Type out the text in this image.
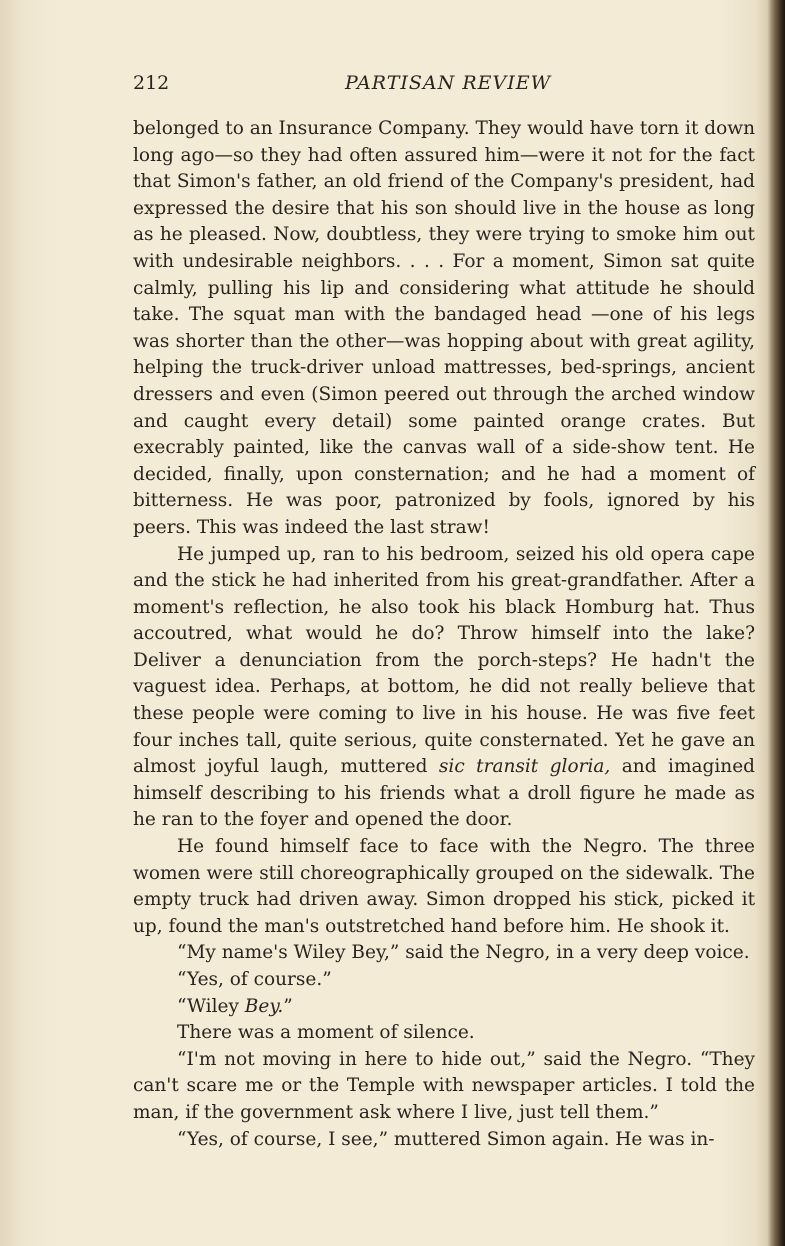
212	PARTISAN REVIEW

belonged to an Insurance Company. They would have torn it down long ago—so they had often assured him—were it not for the fact that Simon's father, an old friend of the Company's president, had expressed the desire that his son should live in the house as long as he pleased. Now, doubtless, they were trying to smoke him out with undesirable neighbors. . . . For a moment, Simon sat quite calmly, pulling his lip and considering what attitude he should take. The squat man with the bandaged head —one of his legs was shorter than the other—was hopping about with great agility, helping the truck-driver unload mattresses, bed-springs, ancient dressers and even (Simon peered out through the arched window and caught every detail) some painted orange crates. But execrably painted, like the canvas wall of a side-show tent. He decided, finally, upon consternation; and he had a moment of bitterness. He was poor, patronized by fools, ignored by his peers. This was indeed the last straw!

He jumped up, ran to his bedroom, seized his old opera cape and the stick he had inherited from his great-grandfather. After a moment's reflection, he also took his black Homburg hat. Thus accoutred, what would he do? Throw himself into the lake? Deliver a denunciation from the porch-steps? He hadn't the vaguest idea. Perhaps, at bottom, he did not really believe that these people were coming to live in his house. He was five feet four inches tall, quite serious, quite consternated. Yet he gave an almost joyful laugh, muttered sic transit gloria, and imagined himself describing to his friends what a droll figure he made as he ran to the foyer and opened the door.

He found himself face to face with the Negro. The three women were still choreographically grouped on the sidewalk. The empty truck had driven away. Simon dropped his stick, picked it up, found the man's outstretched hand before him. He shook it.

“My name's Wiley Bey,” said the Negro, in a very deep voice.

“Yes, of course.”

“Wiley Bey.”

There was a moment of silence.

“I'm not moving in here to hide out,” said the Negro. “They can't scare me or the Temple with newspaper articles. I told the man, if the government ask where I live, just tell them.”

“Yes, of course, I see,” muttered Simon again. He was in-
